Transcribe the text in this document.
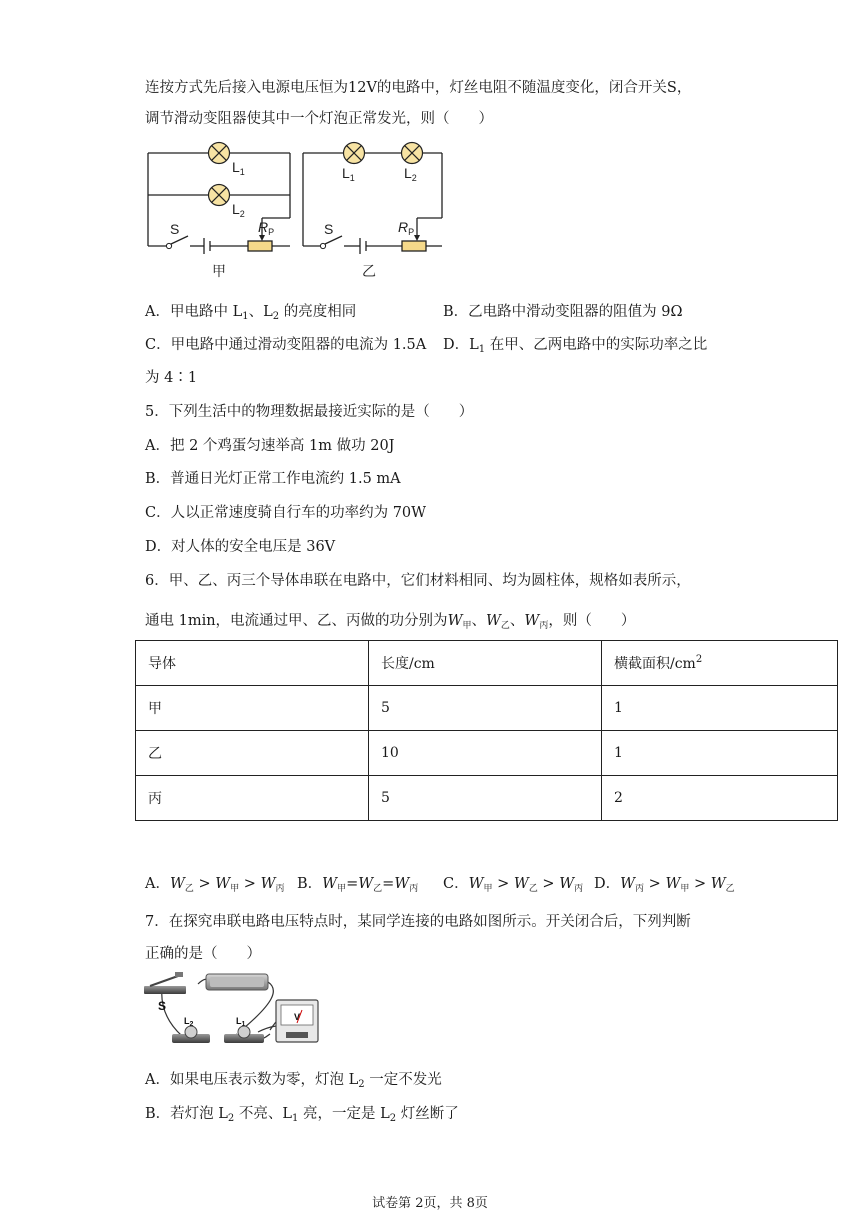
连按方式先后接入电源电压恒为12V的电路中，灯丝电阻不随温度变化，闭合开关S，
调节滑动变阻器使其中一个灯泡正常发光，则（　　）
$L_1$
$L_2$
S	$R_P$
甲
$L_1$	$L_2$
S	$R_P$
乙
A．甲电路中 $L_1$、$L_2$ 的亮度相同	B．乙电路中滑动变阻器的阻值为 9Ω
C．甲电路中通过滑动变阻器的电流为 1.5A D．$L_1$ 在甲、乙两电路中的实际功率之比
为 4∶1
5．下列生活中的物理数据最接近实际的是（　　）
A．把 2 个鸡蛋匀速举高 1m 做功 20J
B．普通日光灯正常工作电流约 1.5 mA
C．人以正常速度骑自行车的功率约为 70W
D．对人体的安全电压是 36V
6．甲、乙、丙三个导体串联在电路中，它们材料相同、均为圆柱体，规格如表所示，
通电 1min，电流通过甲、乙、丙做的功分别为$W_甲$、$W_乙$、$W_丙$，则（　　）
导体	长度/cm	横截面积$/cm^2$
甲	5	1
乙	10	1
丙	5	2
A．$W_乙 > W_甲 > W_丙$ B．$W_甲=W_乙=W_丙$ C．$W_甲 > W_乙 > W_丙$ D．$W_丙 > W_甲 > W_乙$
7．在探究串联电路电压特点时，某同学连接的电路如图所示。开关闭合后，下列判断
正确的是（　　）
S
$L_2$	$L_1$
V
A．如果电压表示数为零，灯泡 $L_2$ 一定不发光
B．若灯泡 $L_2$ 不亮、$L_1$ 亮，一定是 $L_2$ 灯丝断了
试卷第 2页，共 8页
